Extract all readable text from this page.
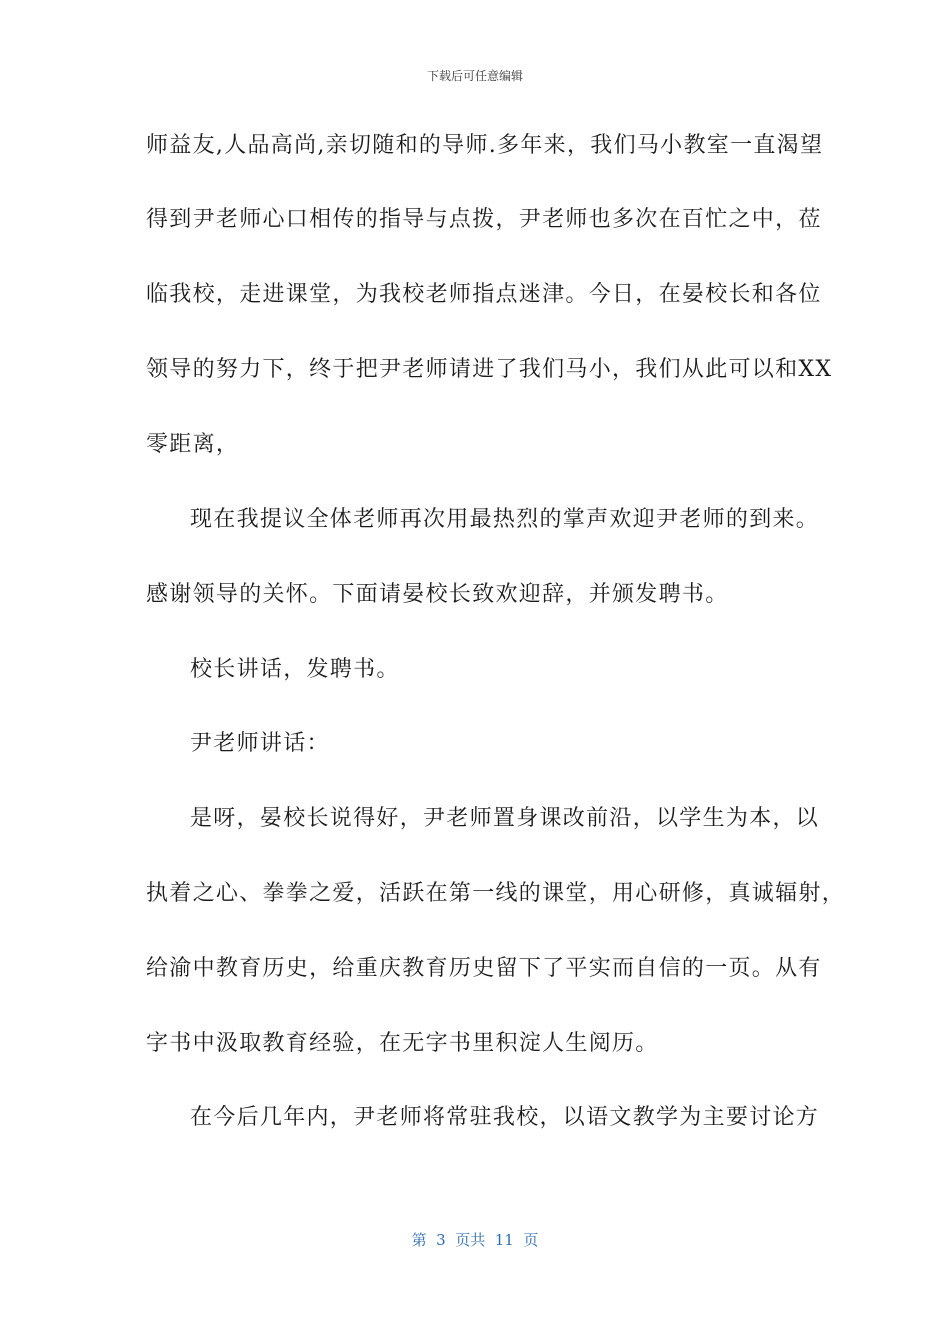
下载后可任意编辑
师益友,人品高尚,亲切随和的导师.多年来，我们马小教室一直渴望
得到尹老师心口相传的指导与点拨，尹老师也多次在百忙之中，莅
临我校，走进课堂，为我校老师指点迷津。今日，在晏校长和各位
领导的努力下，终于把尹老师请进了我们马小，我们从此可以和XX
零距离，
现在我提议全体老师再次用最热烈的掌声欢迎尹老师的到来。
感谢领导的关怀。下面请晏校长致欢迎辞，并颁发聘书。
校长讲话，发聘书。
尹老师讲话：
是呀，晏校长说得好，尹老师置身课改前沿，以学生为本，以
执着之心、拳拳之爱，活跃在第一线的课堂，用心研修，真诚辐射，
给渝中教育历史，给重庆教育历史留下了平实而自信的一页。从有
字书中汲取教育经验，在无字书里积淀人生阅历。
在今后几年内，尹老师将常驻我校，以语文教学为主要讨论方
第  3  页共  11  页
